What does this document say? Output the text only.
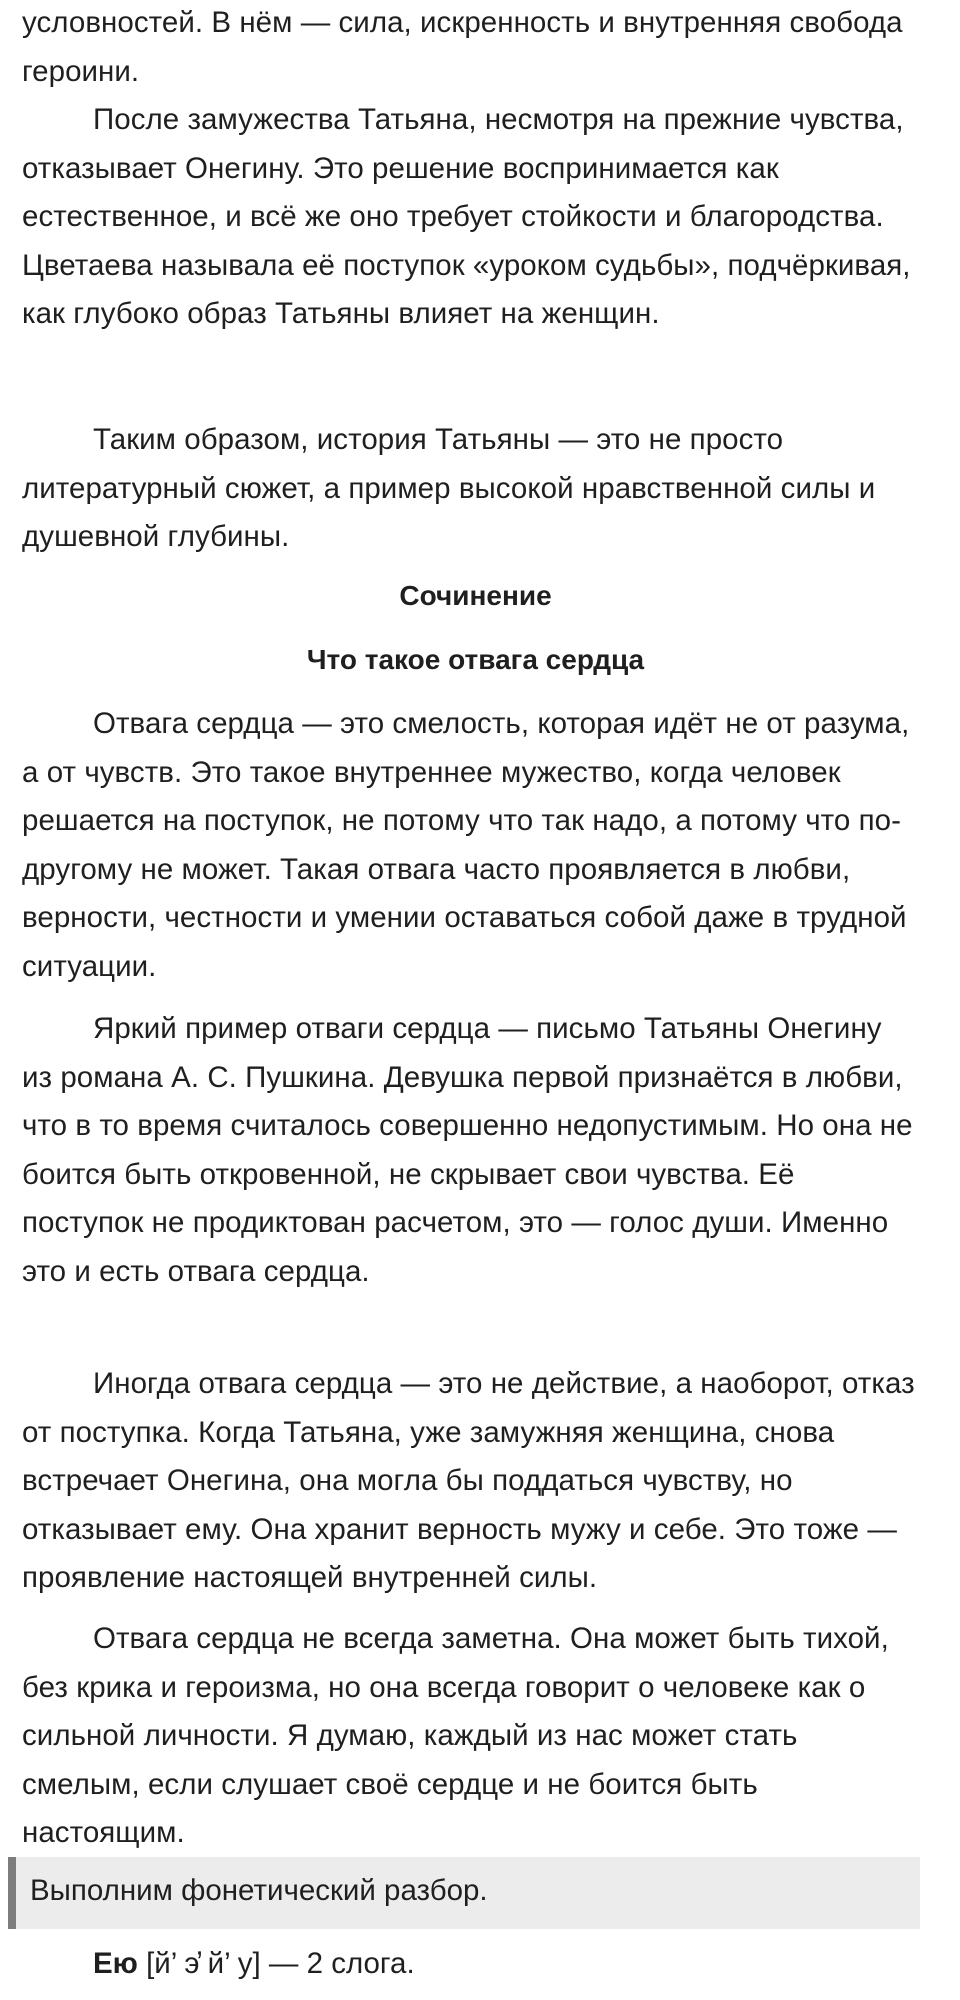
условностей. В нём — сила, искренность и внутренняя свобода героини.

После замужества Татьяна, несмотря на прежние чувства, отказывает Онегину. Это решение воспринимается как естественное, и всё же оно требует стойкости и благородства. Цветаева называла её поступок «уроком судьбы», подчёркивая, как глубоко образ Татьяны влияет на женщин.

Таким образом, история Татьяны — это не просто литературный сюжет, а пример высокой нравственной силы и душевной глубины.

Сочинение
Что такое отвага сердца

Отвага сердца — это смелость, которая идёт не от разума, а от чувств. Это такое внутреннее мужество, когда человек решается на поступок, не потому что так надо, а потому что по-другому не может. Такая отвага часто проявляется в любви, верности, честности и умении оставаться собой даже в трудной ситуации.

Яркий пример отваги сердца — письмо Татьяны Онегину из романа А. С. Пушкина. Девушка первой признаётся в любви, что в то время считалось совершенно недопустимым. Но она не боится быть откровенной, не скрывает свои чувства. Её поступок не продиктован расчетом, это — голос души. Именно это и есть отвага сердца.

Иногда отвага сердца — это не действие, а наоборот, отказ от поступка. Когда Татьяна, уже замужняя женщина, снова встречает Онегина, она могла бы поддаться чувству, но отказывает ему. Она хранит верность мужу и себе. Это тоже — проявление настоящей внутренней силы.

Отвага сердца не всегда заметна. Она может быть тихой, без крика и героизма, но она всегда говорит о человеке как о сильной личности. Я думаю, каждый из нас может стать смелым, если слушает своё сердце и не боится быть настоящим.

Выполним фонетический разбор.

Ею [й’ э̕ й’ у] — 2 слога.
